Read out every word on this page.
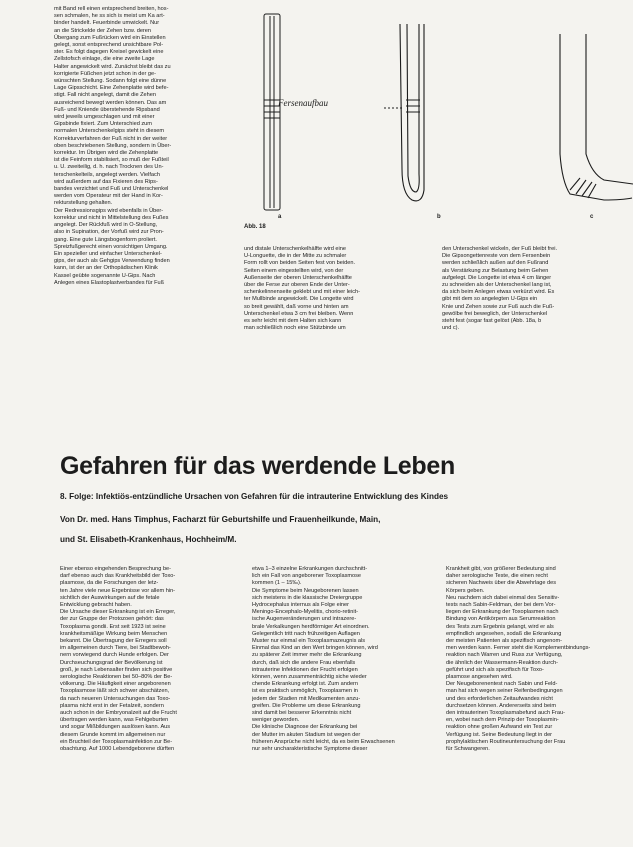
mit Band rell einen entsprechend breiten, hos-
sen schmalen, he ss sich is meist um Ka art-
binder handelt. Feuerbinde umwickelt. Nur
an die Strickelde der Zehen bzw. deren
Übergang zum Fußrücken wird ein Einstellen
gelegt, sonst entsprechend unsichtbare Pol-
ster. Es folgt dagegen Kreisel gewickelt eine
Zellstofsch einlage, die eine zweite Lage
Halter angewickelt wird. Zunächst bleibt das zu
korrigierte Füßchen jetzt schon in der ge-
wünschten Stellung. Sodann folgt eine dünne
Lage Gipsschicht. Eine Zehenplatte wird befe-
stigt. Fall nicht angelegt, damit die Zehen
ausreichend bewegt werden können. Das am
Fuß- und Kniende überstehende Ripsband
wird jeweils umgeschlagen und mit einer
Gipsbinde fixiert. Zum Unterschied zum
normalen Unterschenkelgips steht in diesem
Korrekturverfahren der Fuß nicht in der weiter
oben beschriebenen Stellung, sondern in Über-
korrektur. Im Übrigen wird die Zehenplatte
ist die Feinform stabilisiert, so muß der Fußteil
u. U. zweiteilig, d. h. nach Trocknen des Un-
terschenkelteils, angelegt werden. Vielfach
wird außerdem auf das Fixieren des Rips-
bandes verzichtet und Fuß und Unterschenkel
werden vom Operateur mit der Hand in Kor-
rekturstellung gehalten.
Der Redressionsgips wird ebenfalls in Über-
korrektur und nicht in Mittelstellung des Fußes
angelegt. Der Rückfuß wird in O-Stellung,
also in Supination, der Vorfuß wird zur Pron-
gang. Eine gute Längsbogenform proliert.
Spreizfußgerecht einen vorsichtigen Umgang.
Ein spezieller und einfacher Unterschenkel-
gips, der auch als Gehgips Verwendung finden
kann, ist der an der Orthopädischen Klinik
Kassel geübte sogenannte U-Gips. Nach
Anlegen eines Elastoplastverbandes für Fuß
Fersenaufbau
Abb. 18
a	b	c
und distale Unterschenkelhälfte wird eine
U-Longuette, die in der Mitte zu schmaler
Form rollt von beiden Seiten fest von beiden.
Seiten einem eingestellten wird, von der
Außenseite der oberen Unterschenkelhälfte
über die Ferse zur oberen Ende der Unter-
schenkelinnenseite geklebt und mit einer leich-
ter Mullbinde angewickelt. Die Longette wird
so breit gewählt, daß vorne und hinten am
Unterschenkel etwa 3 cm frei bleiben. Wenn
es sehr leicht mit dem Halten sich kann
man schließlich noch eine Stützbinde um
den Unterschenkel wickeln, der Fuß bleibt frei.
Die Gipsongettenreste von dem Fersenbein
werden schließlich außen auf den Fußrand
als Verstärkung zur Belastung beim Gehen
aufgelegt. Die Longette ist etwa 4 cm länger
zu schneiden als der Unterschenkel lang ist,
da sich beim Anlegen etwas verkürzt wird. Es
gibt mit dem so angelegten U-Gips ein
Knie und Zehen sowie zur Fuß auch die Fuß-
gewölbe frei beweglich, der Unterschenkel
steht fest (sogar fast gelöst (Abb. 18a, b
und c).
Gefahren für das werdende Leben
8. Folge: Infektiös-entzündliche Ursachen von Gefahren für die intrauterine Entwicklung des Kindes
Von Dr. med. Hans Timphus, Facharzt für Geburtshilfe und Frauenheilkunde, Main,
und St. Elisabeth-Krankenhaus, Hochheim/M.
Einer ebenso eingehenden Besprechung be-
darf ebenso auch das Krankheitsbild der Toxo-
plasmose, da die Forschungen der letz-
ten Jahre viele neue Ergebnisse vor allem hin-
sichtlich der Auswirkungen auf die fetale
Entwicklung gebracht haben.
Die Ursache dieser Erkrankung ist ein Erreger,
der zur Gruppe der Protozoen gehört: das
Toxoplasma gondii. Erst seit 1923 ist seine
krankheitsmäßige Wirkung beim Menschen
bekannt. Die Übertragung der Erregers soll
im allgemeinen durch Tiere, bei Stadtbewoh-
nern vorwiegend durch Hunde erfolgen. Der
Durchseuchungsgrad der Bevölkerung ist
groß, je nach Lebensalter finden sich positive
serologische Reaktionen bei 50–80% der Be-
völkerung. Die Häufigkeit einer angeborenen
Toxoplasmose läßt sich schwer abschätzen,
da nach neueren Untersuchungen das Toxo-
plasma nicht erst in der Fetalzeit, sondern
auch schon in der Embryonalzeit auf die Frucht
übertragen werden kann, was Fehlgeburten
und sogar Mißbildungen auslösen kann. Aus
diesem Grunde kommt im allgemeinen nur
ein Bruchteil der Toxoplasmainfektion zur Be-
obachtung. Auf 1000 Lebendgeborene dürften
etwa 1–3 einzelne Erkrankungen durchschnitt-
lich ein Fall von angeborener Toxoplasmose
kommen (1 – 15‰).
Die Symptome beim Neugeborenen lassen
sich meistens in die klassische Dreiergruppe
Hydrocephalus internus als Folge einer
Meningo-Encephalo-Myelitis, chorio-retinit-
ische Augenveränderungen und intrazere-
brale Verkalkungen herdförmiger Art einordnen.
Gelegentlich tritt nach frühzeitigen Auflagen
Muster nur einmal ein Toxoplasmazeugnis als
Einmal das Kind an den Wert bringen können, wird
zu späterer Zeit immer mehr die Erkrankung
durch, daß sich die andere Frau ebenfalls
intrauterine Infektionen der Frucht erfolgen
können, wenn zusammenträchtig siche wieder
chende Erkrankung erfolgt ist. Zum andern
ist es praktisch unmöglich, Toxoplasmen in
jedem der Stadien mit Medikamenten anzu-
greifen. Die Probleme um diese Erkrankung
sind damit bei besserer Erkenntnis nicht
weniger geworden.
Die klinische Diagnose der Erkrankung bei
der Mutter im akuten Stadium ist wegen der
früheren Ansprüche nicht leicht, da es beim Erwachsenen
nur sehr uncharakteristische Symptome dieser
Krankheit gibt, von größerer Bedeutung sind
daher serologische Teste, die einen recht
sicheren Nachweis über die Abwehrlage des
Körpers geben.
Neu nachdem sich dabei einmal des Sensitiv-
tests nach Sabin-Feldman, der bei dem Vor-
liegen der Erkrankung der Toxoplasmen nach
Bindung von Antikörpern aus Serumreaktion
des Tests zum Ergebnis gelangt, wird er als
empfindlich angesehen, sodaß die Erkrankung
der meisten Patienten als spezifisch angenom-
men werden kann. Ferner steht die Komplementbindungs-
reaktion nach Warren und Russ zur Verfügung,
die ähnlich der Wassermann-Reaktion durch-
geführt und sich als spezifisch für Toxo-
plasmose angesehen wird.
Der Neugeborenentest nach Sabin und Feld-
man hat sich wegen seiner Reifenbedingungen
und des erforderlichen Zeitaufwandes nicht
durchsetzen können. Andererseits sind beim
den intrauterinen Toxoplasmabefund auch Frau-
en, wobei nach dem Prinzip der Toxoplasmin-
reaktion ohne großen Aufwand ein Test zur
Verfügung ist. Seine Bedeutung liegt in der
prophylaktischen Routineuntersuchung der Frau
für Schwangeren.
